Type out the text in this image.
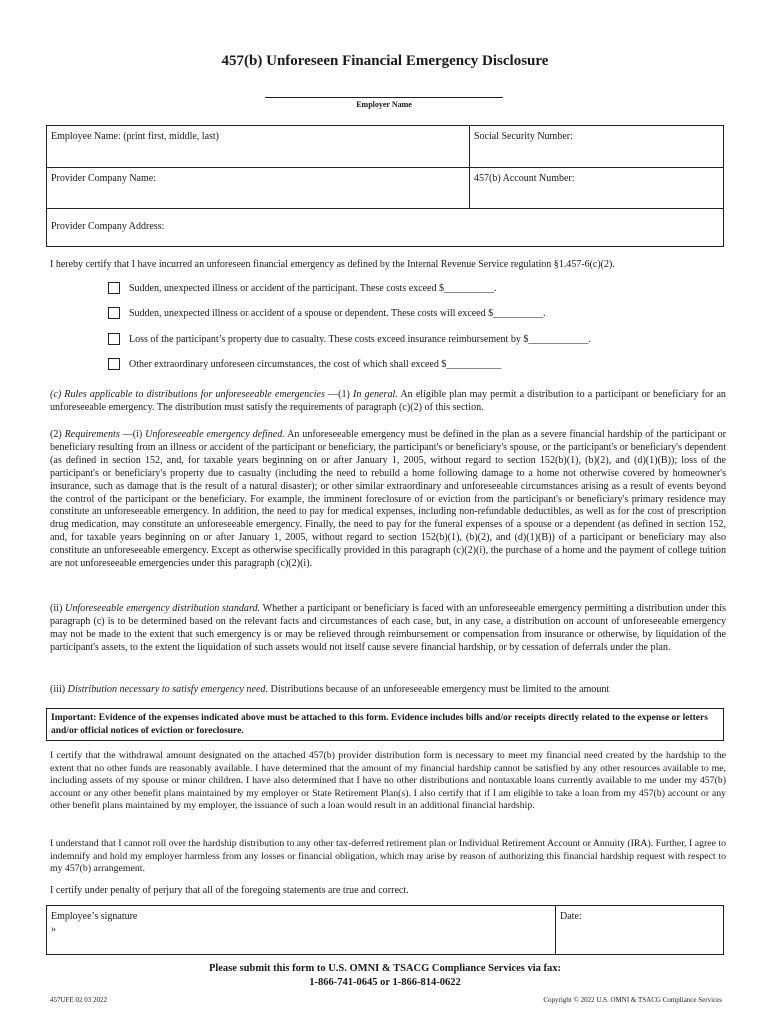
457(b) Unforeseen Financial Emergency Disclosure
Employer Name
Employee Name: (print first, middle, last)	Social Security Number:
Provider Company Name:	457(b) Account Number:
Provider Company Address:
I hereby certify that I have incurred an unforeseen financial emergency as defined by the Internal Revenue Service regulation §1.457-6(c)(2).
Sudden, unexpected illness or accident of the participant. These costs exceed $__________.
Sudden, unexpected illness or accident of a spouse or dependent. These costs will exceed $__________.
Loss of the participant’s property due to casualty. These costs exceed insurance reimbursement by $____________.
Other extraordinary unforeseen circumstances, the cost of which shall exceed $___________
(c) Rules applicable to distributions for unforeseeable emergencies —(1) In general. An eligible plan may permit a distribution to a participant or beneficiary for an unforeseeable emergency. The distribution must satisfy the requirements of paragraph (c)(2) of this section.
(2) Requirements —(i) Unforeseeable emergency defined. An unforeseeable emergency must be defined in the plan as a severe financial hardship of the participant or beneficiary resulting from an illness or accident of the participant or beneficiary, the participant's or beneficiary's spouse, or the participant's or beneficiary's dependent (as defined in section 152, and, for taxable years beginning on or after January 1, 2005, without regard to section 152(b)(1), (b)(2), and (d)(1)(B)); loss of the participant's or beneficiary's property due to casualty (including the need to rebuild a home following damage to a home not otherwise covered by homeowner's insurance, such as damage that is the result of a natural disaster); or other similar extraordinary and unforeseeable circumstances arising as a result of events beyond the control of the participant or the beneficiary. For example, the imminent foreclosure of or eviction from the participant's or beneficiary's primary residence may constitute an unforeseeable emergency. In addition, the need to pay for medical expenses, including non-refundable deductibles, as well as for the cost of prescription drug medication, may constitute an unforeseeable emergency. Finally, the need to pay for the funeral expenses of a spouse or a dependent (as defined in section 152, and, for taxable years beginning on or after January 1, 2005, without regard to section 152(b)(1), (b)(2), and (d)(1)(B)) of a participant or beneficiary may also constitute an unforeseeable emergency. Except as otherwise specifically provided in this paragraph (c)(2)(i), the purchase of a home and the payment of college tuition are not unforeseeable emergencies under this paragraph (c)(2)(i).
(ii) Unforeseeable emergency distribution standard. Whether a participant or beneficiary is faced with an unforeseeable emergency permitting a distribution under this paragraph (c) is to be determined based on the relevant facts and circumstances of each case, but, in any case, a distribution on account of unforeseeable emergency may not be made to the extent that such emergency is or may be relieved through reimbursement or compensation from insurance or otherwise, by liquidation of the participant's assets, to the extent the liquidation of such assets would not itself cause severe financial hardship, or by cessation of deferrals under the plan.
(iii) Distribution necessary to satisfy emergency need. Distributions because of an unforeseeable emergency must be limited to the amount
Important: Evidence of the expenses indicated above must be attached to this form. Evidence includes bills and/or receipts directly related to the expense or letters and/or official notices of eviction or foreclosure.
I certify that the withdrawal amount designated on the attached 457(b) provider distribution form is necessary to meet my financial need created by the hardship to the extent that no other funds are reasonably available. I have determined that the amount of my financial hardship cannot be satisfied by any other resources available to me, including assets of my spouse or minor children. I have also determined that I have no other distributions and nontaxable loans currently available to me under my 457(b) account or any other benefit plans maintained by my employer or State Retirement Plan(s). I also certify that if I am eligible to take a loan from my 457(b) account or any other benefit plans maintained by my employer, the issuance of such a loan would result in an additional financial hardship.
I understand that I cannot roll over the hardship distribution to any other tax-deferred retirement plan or Individual Retirement Account or Annuity (IRA). Further, I agree to indemnify and hold my employer harmless from any losses or financial obligation, which may arise by reason of authorizing this financial hardship request with respect to my 457(b) arrangement.
I certify under penalty of perjury that all of the foregoing statements are true and correct.
Employee’s signature
»
Date:
Please submit this form to U.S. OMNI & TSACG Compliance Services via fax:
1-866-741-0645 or 1-866-814-0622
457UFE 02 03 2022	Copyright © 2022 U.S. OMNI & TSACG Compliance Services
